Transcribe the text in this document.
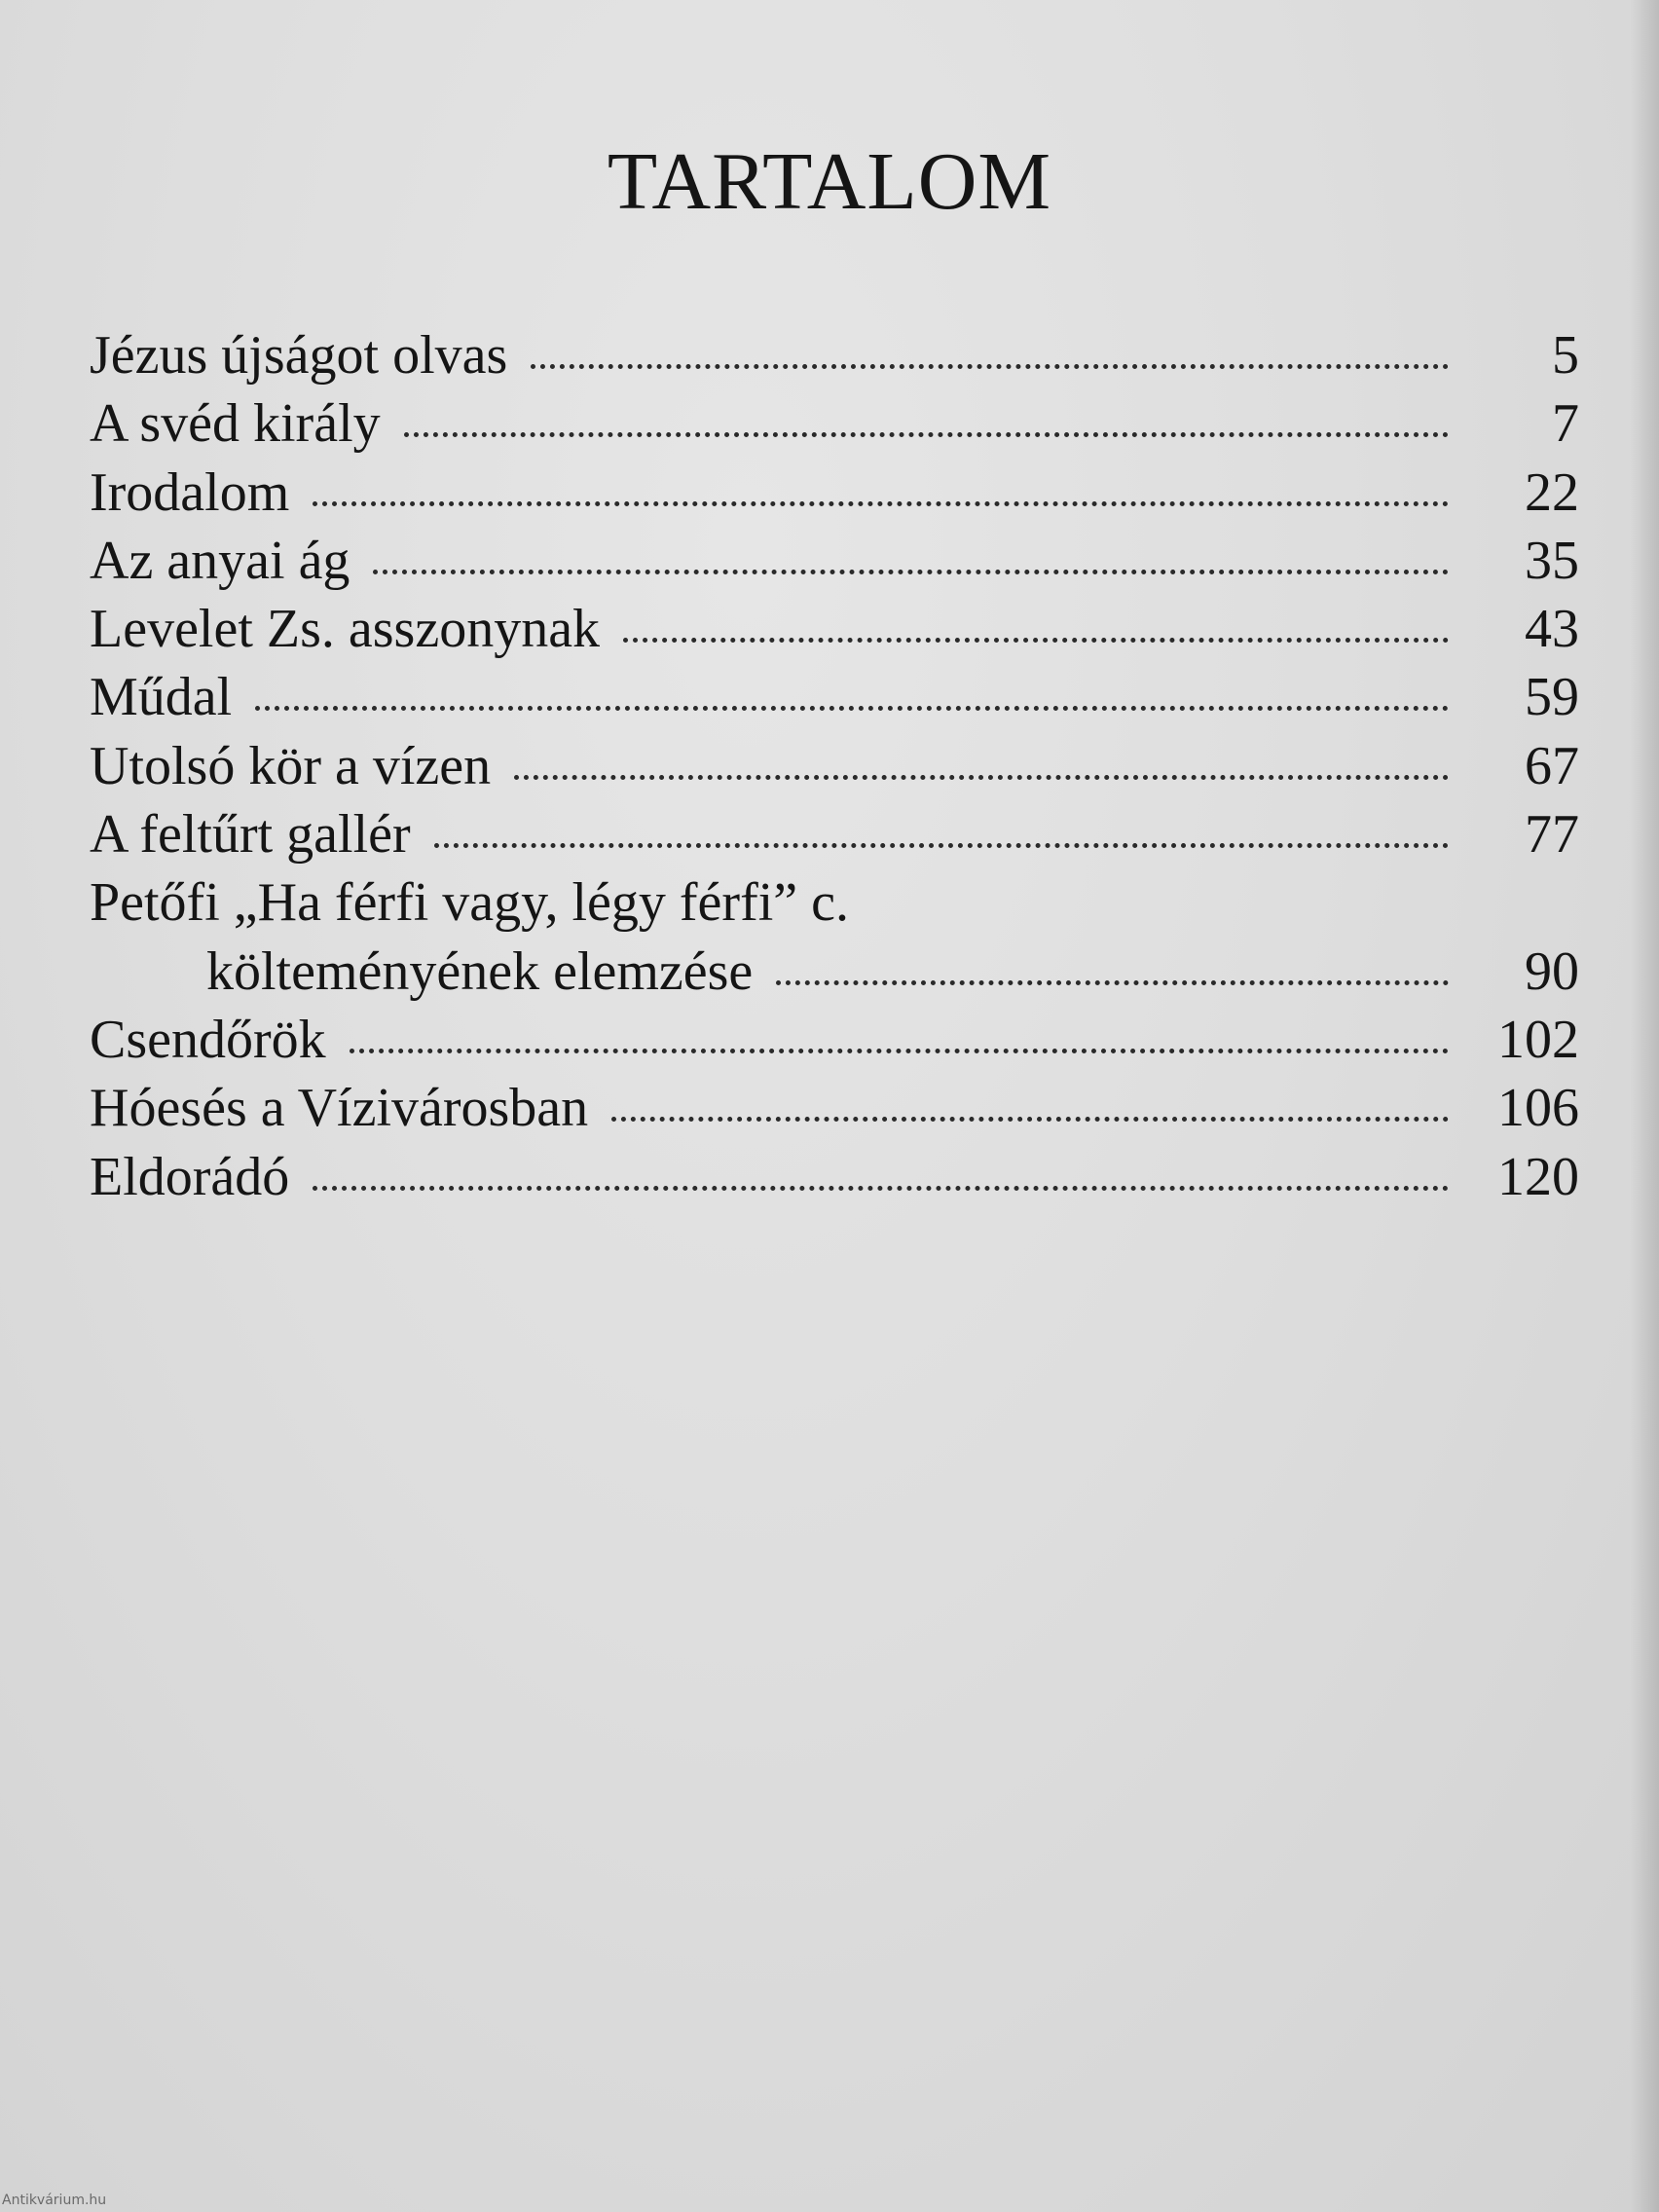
TARTALOM
Jézus újságot olvas	5
A svéd király	7
Irodalom	22
Az anyai ág	35
Levelet Zs. asszonynak	43
Műdal	59
Utolsó kör a vízen	67
A feltűrt gallér	77
Petőfi „Ha férfi vagy, légy férfi” c.
költeményének elemzése	90
Csendőrök	102
Hóesés a Vízivárosban	106
Eldorádó	120
Antikvárium.hu
